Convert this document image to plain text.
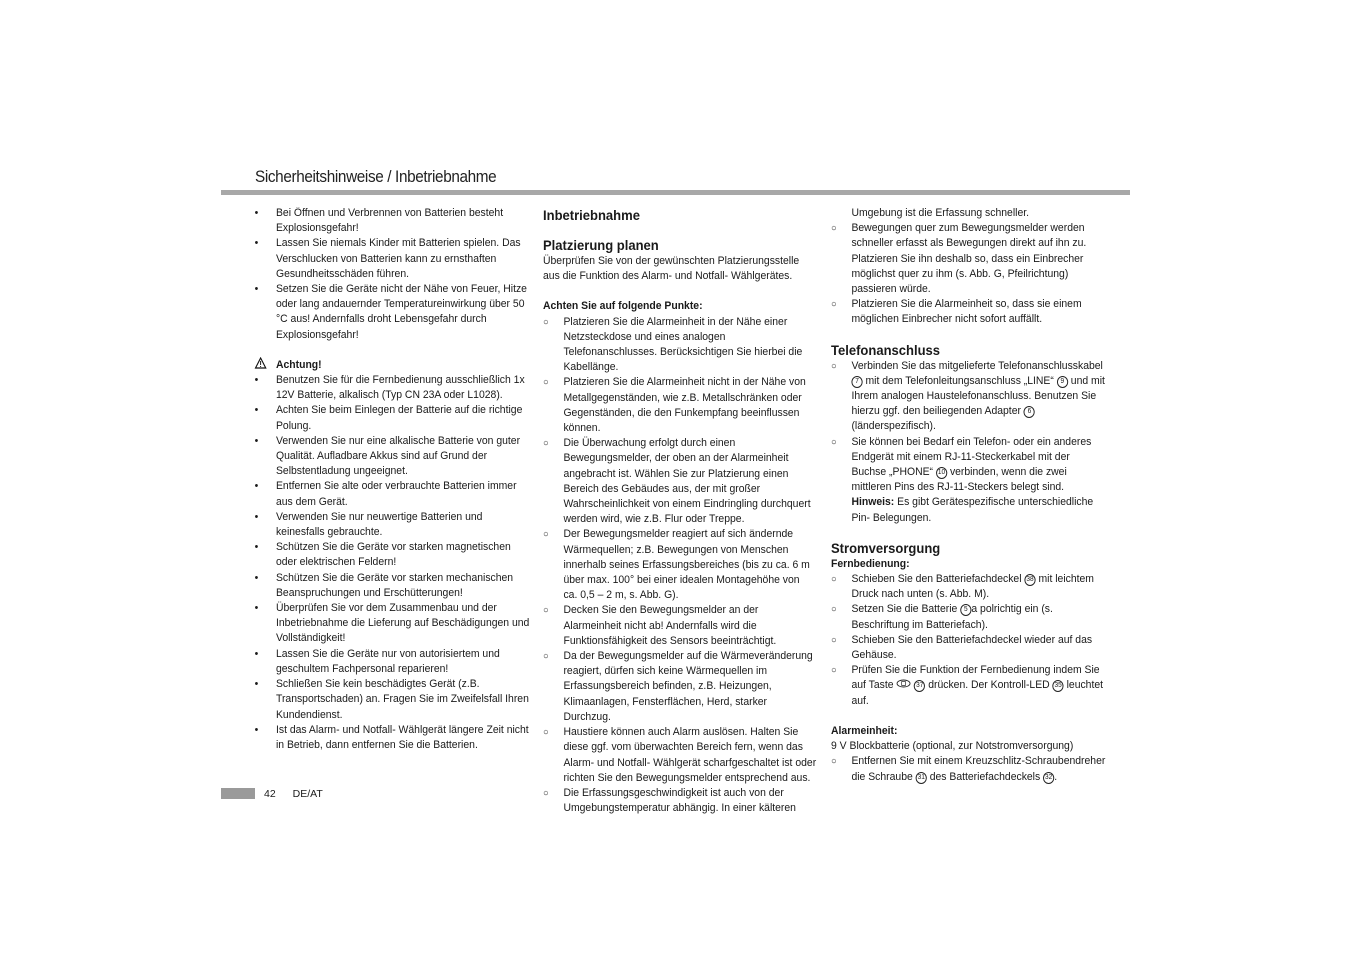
Sicherheitshinweise / Inbetriebnahme
• Bei Öffnen und Verbrennen von Batterien besteht Explosionsgefahr!
• Lassen Sie niemals Kinder mit Batterien spielen. Das Verschlucken von Batterien kann zu ernsthaften Gesundheitsschäden führen.
• Setzen Sie die Geräte nicht der Nähe von Feuer, Hitze oder lang andauernder Temperatureinwirkung über 50 °C aus! Andernfalls droht Lebensgefahr durch Explosionsgefahr!
Achtung!
• Benutzen Sie für die Fernbedienung ausschließlich 1x 12V Batterie, alkalisch (Typ CN 23A oder L1028).
• Achten Sie beim Einlegen der Batterie auf die richtige Polung.
• Verwenden Sie nur eine alkalische Batterie von guter Qualität. Aufladbare Akkus sind auf Grund der Selbstentladung ungeeignet.
• Entfernen Sie alte oder verbrauchte Batterien immer aus dem Gerät.
• Verwenden Sie nur neuwertige Batterien und keinesfalls gebrauchte.
• Schützen Sie die Geräte vor starken magnetischen oder elektrischen Feldern!
• Schützen Sie die Geräte vor starken mechanischen Beanspruchungen und Erschütterungen!
• Überprüfen Sie vor dem Zusammenbau und der Inbetriebnahme die Lieferung auf Beschädigungen und Vollständigkeit!
• Lassen Sie die Geräte nur von autorisiertem und geschultem Fachpersonal reparieren!
• Schließen Sie kein beschädigtes Gerät (z.B. Transportschaden) an. Fragen Sie im Zweifelsfall Ihren Kundendienst.
• Ist das Alarm- und Notfall- Wählgerät längere Zeit nicht in Betrieb, dann entfernen Sie die Batterien.
Inbetriebnahme
Platzierung planen

Überprüfen Sie von der gewünschten Platzierungsstelle aus die Funktion des Alarm- und Notfall- Wählgerätes.

Achten Sie auf folgende Punkte:
○ Platzieren Sie die Alarmeinheit in der Nähe einer Netzsteckdose und eines analogen Telefonanschlusses. Berücksichtigen Sie hierbei die Kabellänge.
○ Platzieren Sie die Alarmeinheit nicht in der Nähe von Metallgegenständen, wie z.B. Metallschränken oder Gegenständen, die den Funkempfang beeinflussen können.
○ Die Überwachung erfolgt durch einen Bewegungsmelder, der oben an der Alarmeinheit angebracht ist. Wählen Sie zur Platzierung einen Bereich des Gebäudes aus, der mit großer Wahrscheinlichkeit von einem Eindringling durchquert werden wird, wie z.B. Flur oder Treppe.
○ Der Bewegungsmelder reagiert auf sich ändernde Wärmequellen; z.B. Bewegungen von Menschen innerhalb seines Erfassungsbereiches (bis zu ca. 6 m über max. 100° bei einer idealen Montagehöhe von ca. 0,5 – 2 m, s. Abb. G).
○ Decken Sie den Bewegungsmelder an der Alarmeinheit nicht ab! Andernfalls wird die Funktionsfähigkeit des Sensors beeinträchtigt.
○ Da der Bewegungsmelder auf die Wärmeveränderung reagiert, dürfen sich keine Wärmequellen im Erfassungsbereich befinden, z.B. Heizungen, Klimaanlagen, Fensterflächen, Herd, starker Durchzug.
○ Haustiere können auch Alarm auslösen. Halten Sie diese ggf. vom überwachten Bereich fern, wenn das Alarm- und Notfall- Wählgerät scharfgeschaltet ist oder richten Sie den Bewegungsmelder entsprechend aus.
○ Die Erfassungsgeschwindigkeit ist auch von der Umgebungstemperatur abhängig. In einer kälteren

Umgebung ist die Erfassung schneller.

○ Bewegungen quer zum Bewegungsmelder werden schneller erfasst als Bewegungen direkt auf ihn zu. Platzieren Sie ihn deshalb so, dass ein Einbrecher möglichst quer zu ihm (s. Abb. G, Pfeilrichtung) passieren würde.
○ Platzieren Sie die Alarmeinheit so, dass sie einem möglichen Einbrecher nicht sofort auffällt.
Telefonanschluss
○ Verbinden Sie das mitgelieferte Telefonanschlusskabel 7 mit dem Telefonleitungsanschluss „LINE“ 9 und mit Ihrem analogen Haustelefonanschluss. Benutzen Sie hierzu ggf. den beiliegenden Adapter 6 (länderspezifisch).
○ Sie können bei Bedarf ein Telefon- oder ein anderes Endgerät mit einem RJ-11-Steckerkabel mit der Buchse „PHONE“ 10 verbinden, wenn die zwei mittleren Pins des RJ-11-Steckers belegt sind.
Hinweis: Es gibt Gerätespezifische unterschiedliche Pin- Belegungen.
Stromversorgung
Fernbedienung:
○ Schieben Sie den Batteriefachdeckel 38 mit leichtem Druck nach unten (s. Abb. M).
○ Setzen Sie die Batterie 5 a polrichtig ein (s. Beschriftung im Batteriefach).
○ Schieben Sie den Batteriefachdeckel wieder auf das Gehäuse.
○ Prüfen Sie die Funktion der Fernbedienung indem Sie auf Taste	37 drücken. Der Kontroll-LED 35 leuchtet auf.
Alarmeinheit:

9 V Blockbatterie (optional, zur Notstromversorgung)

○ Entfernen Sie mit einem Kreuzschlitz-Schraubendreher die Schraube 31 des Batteriefachdeckels 32 .
42 DE/AT
